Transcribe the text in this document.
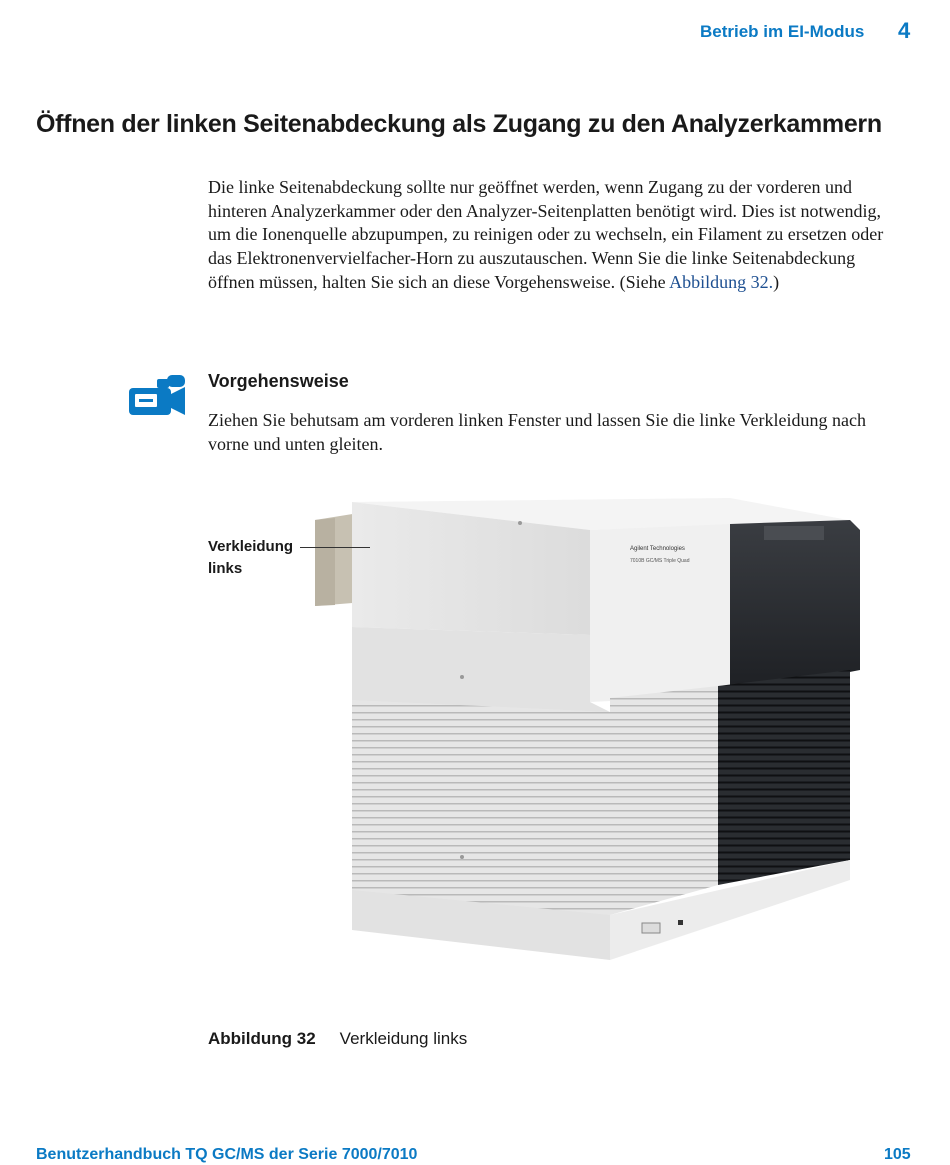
Betrieb im EI-Modus 4
Öffnen der linken Seitenabdeckung als Zugang zu den Analyzerkammern

Die linke Seitenabdeckung sollte nur geöffnet werden, wenn Zugang zu der vorderen und hinteren Analyzerkammer oder den Analyzer-Seitenplatten benötigt wird. Dies ist notwendig, um die Ionenquelle abzupumpen, zu reinigen oder zu wechseln, ein Filament zu ersetzen oder das Elektronenvervielfacher-Horn zu auszutauschen. Wenn Sie die linke Seitenabdeckung öffnen müssen, halten Sie sich an diese Vorgehensweise. (Siehe Abbildung 32.)

Vorgehensweise
Ziehen Sie behutsam am vorderen linken Fenster und lassen Sie die linke Verkleidung nach vorne und unten gleiten.
Agilent Technologies
7010B GC/MS Triple Quad
Verkleidung
links
Abbildung 32 Verkleidung links
Benutzerhandbuch TQ GC/MS der Serie 7000/7010	105
